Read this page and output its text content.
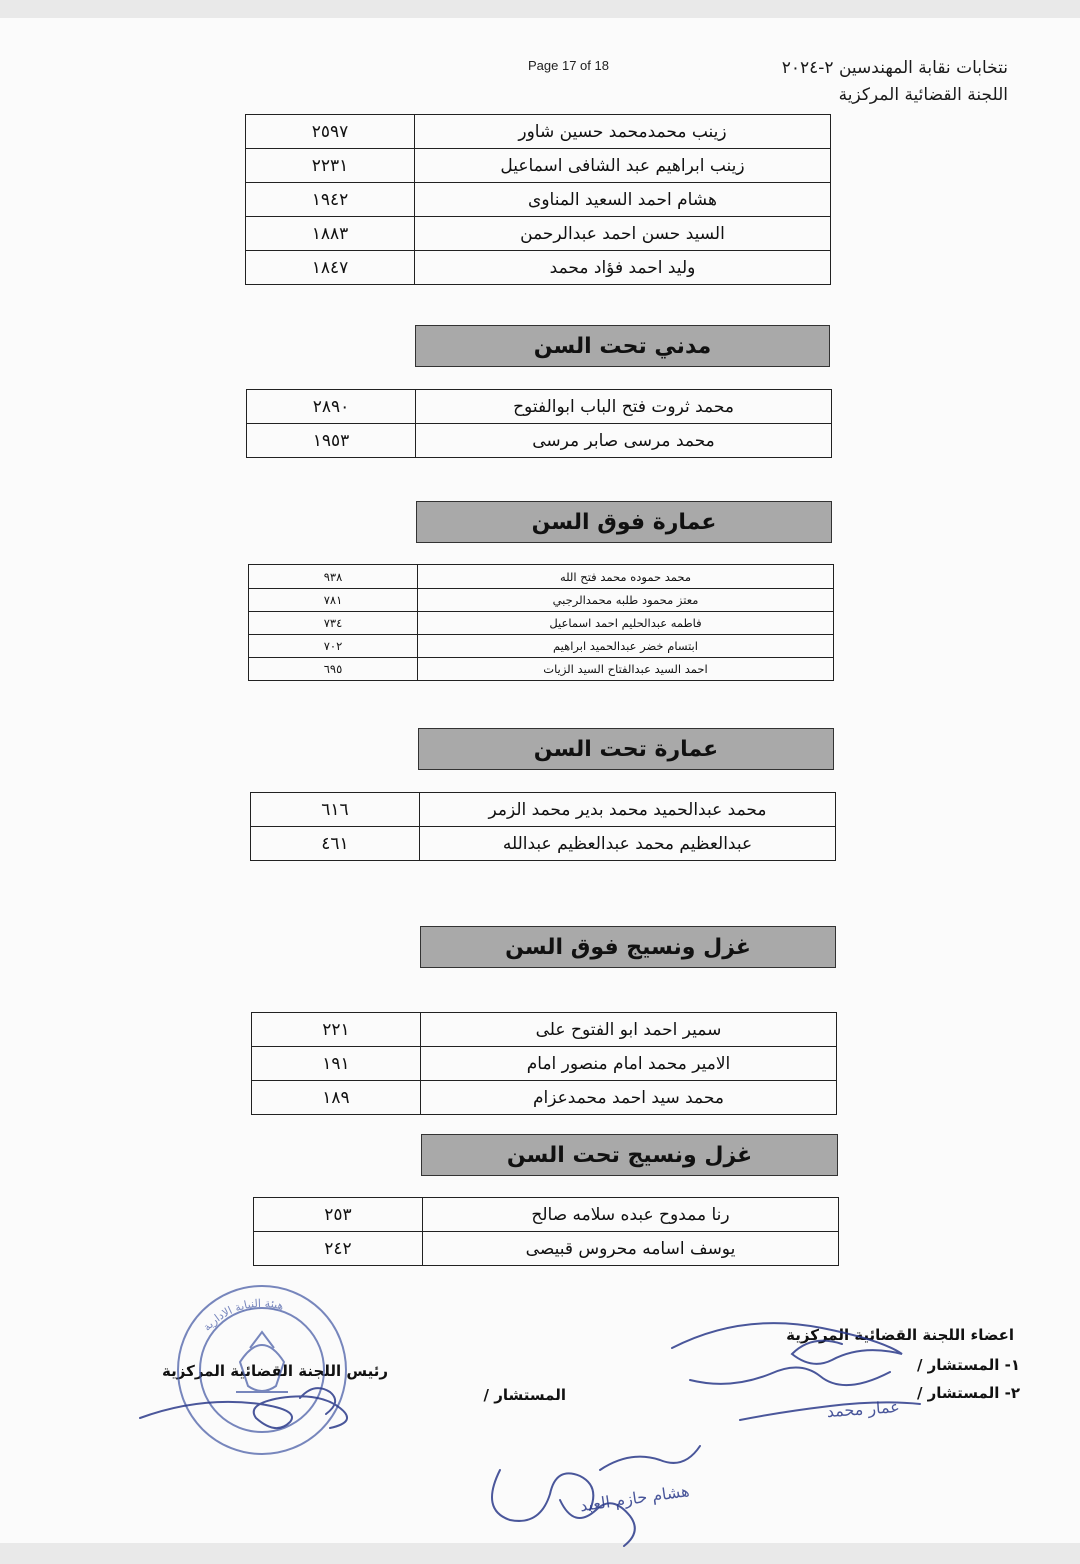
Page 17 of 18	نتخابات نقابة المهندسين ٢-٢٠٢٤
اللجنة القضائية المركزية
زينب محمدمحمد حسين شاور	٢٥٩٧
زينب ابراهيم عبد الشافى اسماعيل	٢٢٣١
هشام احمد السعيد المناوى	١٩٤٢
السيد حسن احمد عبدالرحمن	١٨٨٣
وليد احمد فؤاد محمد	١٨٤٧
مدني تحت السن
محمد ثروت فتح الباب ابوالفتوح	٢٨٩٠
محمد مرسى صابر مرسى	١٩٥٣
عمارة فوق السن
محمد حموده محمد فتح الله	٩٣٨
معتز محمود طلبه محمدالرجبي	٧٨١
فاطمه عبدالحليم احمد اسماعيل	٧٣٤
ابتسام خضر عبدالحميد ابراهيم	٧٠٢
احمد السيد عبدالفتاح السيد الزيات	٦٩٥
عمارة تحت السن
محمد عبدالحميد محمد بدير محمد الزمر	٦١٦
عبدالعظيم محمد عبدالعظيم عبدالله	٤٦١
غزل ونسيج فوق السن
سمير احمد ابو الفتوح على	٢٢١
الامير محمد امام منصور امام	١٩١
محمد سيد احمد محمدعزام	١٨٩
غزل ونسيج تحت السن
رنا ممدوح عبده سلامه صالح	٢٥٣
يوسف اسامه محروس قبيصى	٢٤٢
اعضاء اللجنة القضائية المركزية
١- المستشار /
٢- المستشار /
المستشار /
رئيس اللجنة القضائية المركزية
هيئة النيابة الادارية
عمار محمد
هشام حازم العبد
